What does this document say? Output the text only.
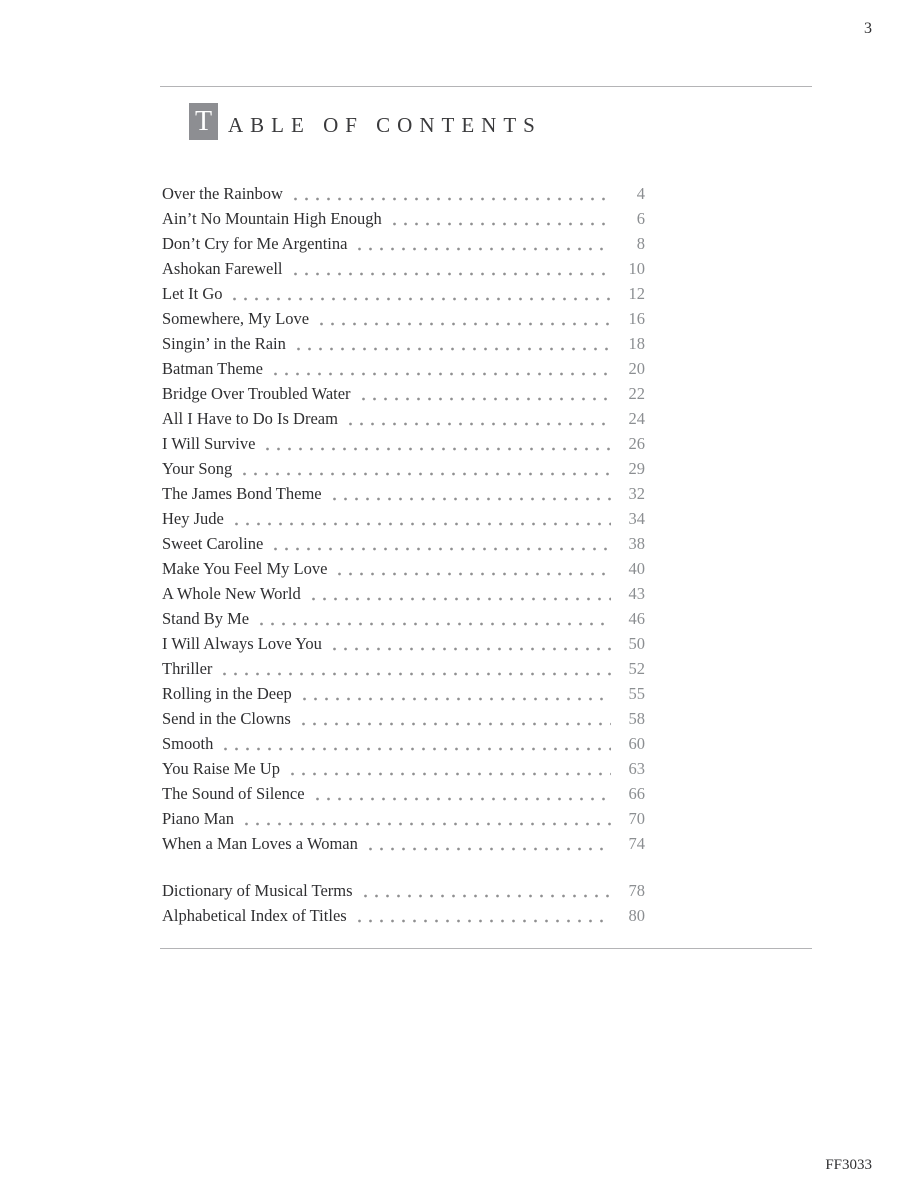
3
T ABLE OF CONTENTS
Over the Rainbow	4
Ain’t No Mountain High Enough	6
Don’t Cry for Me Argentina	8
Ashokan Farewell	10
Let It Go	12
Somewhere, My Love	16
Singin’ in the Rain	18
Batman Theme	20
Bridge Over Troubled Water	22
All I Have to Do Is Dream	24
I Will Survive	26
Your Song	29
The James Bond Theme	32
Hey Jude	34
Sweet Caroline	38
Make You Feel My Love	40
A Whole New World	43
Stand By Me	46
I Will Always Love You	50
Thriller	52
Rolling in the Deep	55
Send in the Clowns	58
Smooth	60
You Raise Me Up	63
The Sound of Silence	66
Piano Man	70
When a Man Loves a Woman	74
Dictionary of Musical Terms	78
Alphabetical Index of Titles	80
FF3033
